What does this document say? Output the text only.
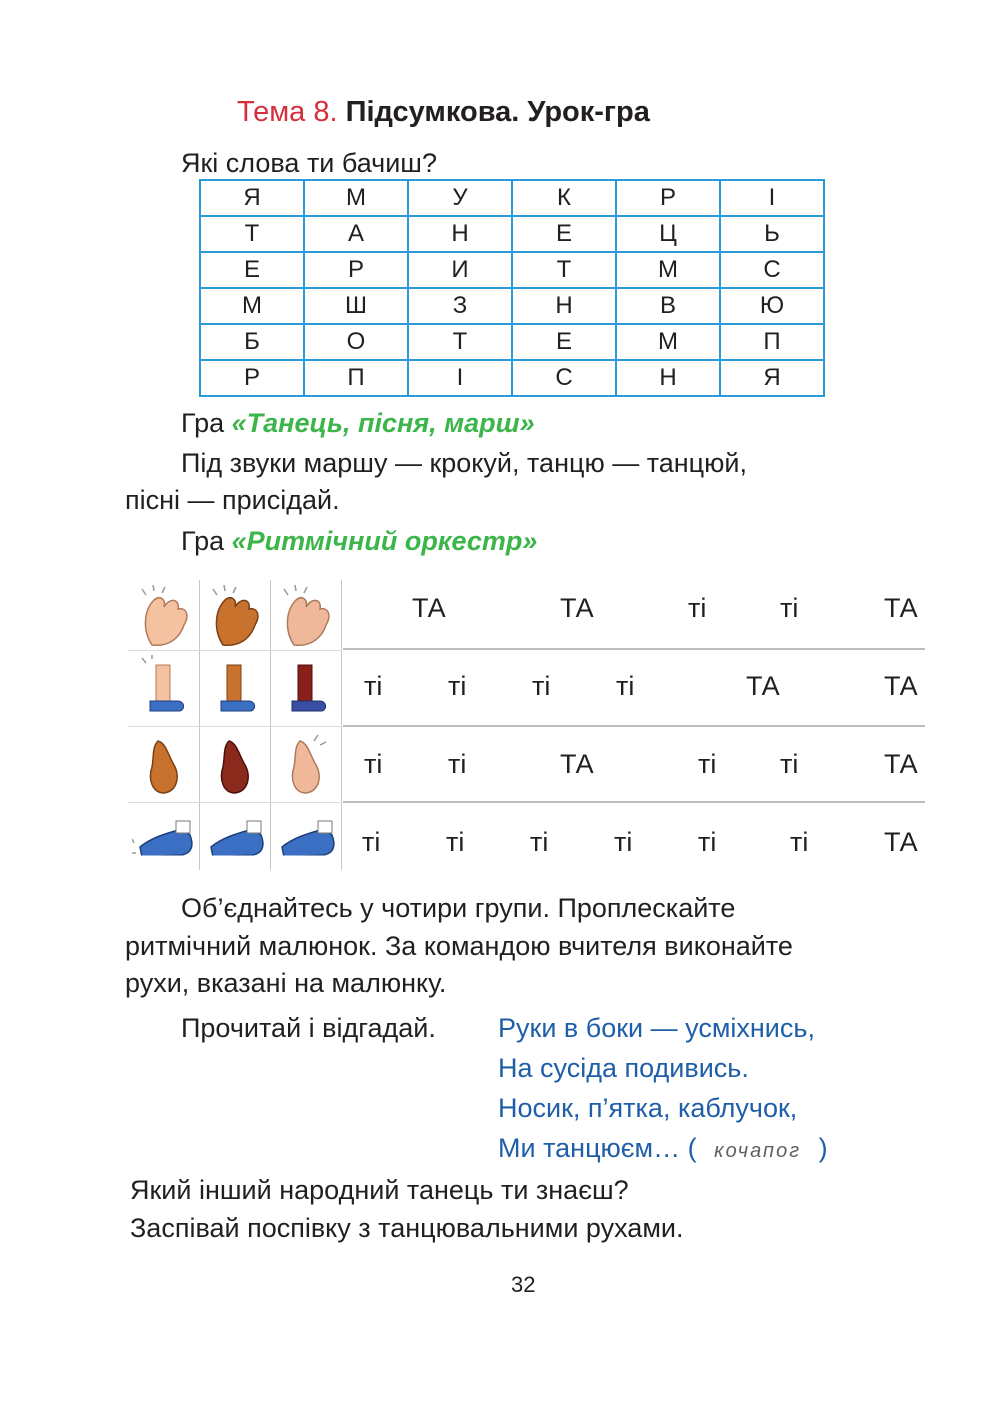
Тема 8. Підсумкова. Урок-гра
Які слова ти бачиш?
Я	М	У	К	Р	І
Т	А	Н	Е	Ц	Ь
Е	Р	И	Т	М	С
М	Ш	З	Н	В	Ю
Б	О	Т	Е	М	П
Р	П	І	С	Н	Я
Гра «Танець, пісня, марш»
Під звуки маршу — крокуй, танцю — танцюй,
пісні — присідай.
Гра «Ритмічний оркестр»
ТА	ТА	ті	ті	ТА
ті ті ті ті	ТА	ТА
ті ті	ТА	ті ті	ТА
ті ті ті ті ті	ті	ТА
Об’єднайтесь у чотири групи. Проплескайте
ритмічний малюнок. За командою вчителя виконайте
рухи, вказані на малюнку.
Прочитай і відгадай. Руки в боки — усміхнись,
На сусіда подивись.
Носик, п’ятка, каблучок,
Ми танцюєм… ( кочапог )
Який інший народний танець ти знаєш?
Заспівай поспівку з танцювальними рухами.
32
